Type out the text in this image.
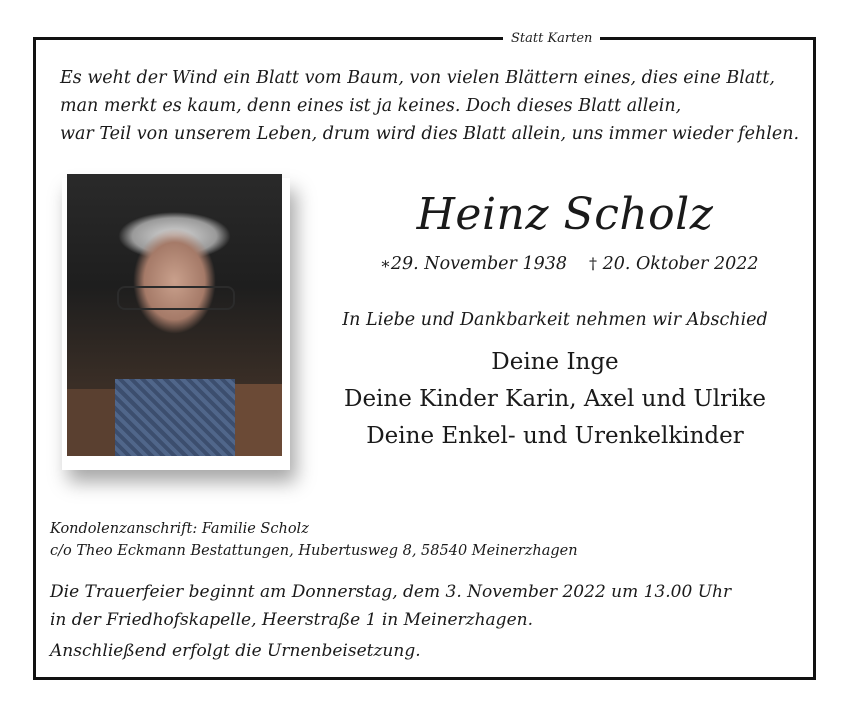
Statt Karten
Es weht der Wind ein Blatt vom Baum, von vielen Blättern eines, dies eine Blatt,
man merkt es kaum, denn eines ist ja keines. Doch dieses Blatt allein,
war Teil von unserem Leben, drum wird dies Blatt allein, uns immer wieder fehlen.
Heinz Scholz
∗29. November 1938 † 20. Oktober 2022
In Liebe und Dankbarkeit nehmen wir Abschied
Deine Inge
Deine Kinder Karin, Axel und Ulrike
Deine Enkel- und Urenkelkinder
Kondolenzanschrift: Familie Scholz
c/o Theo Eckmann Bestattungen, Hubertusweg 8, 58540 Meinerzhagen
Die Trauerfeier beginnt am Donnerstag, dem 3. November 2022 um 13.00 Uhr
in der Friedhofskapelle, Heerstraße 1 in Meinerzhagen.
Anschließend erfolgt die Urnenbeisetzung.
